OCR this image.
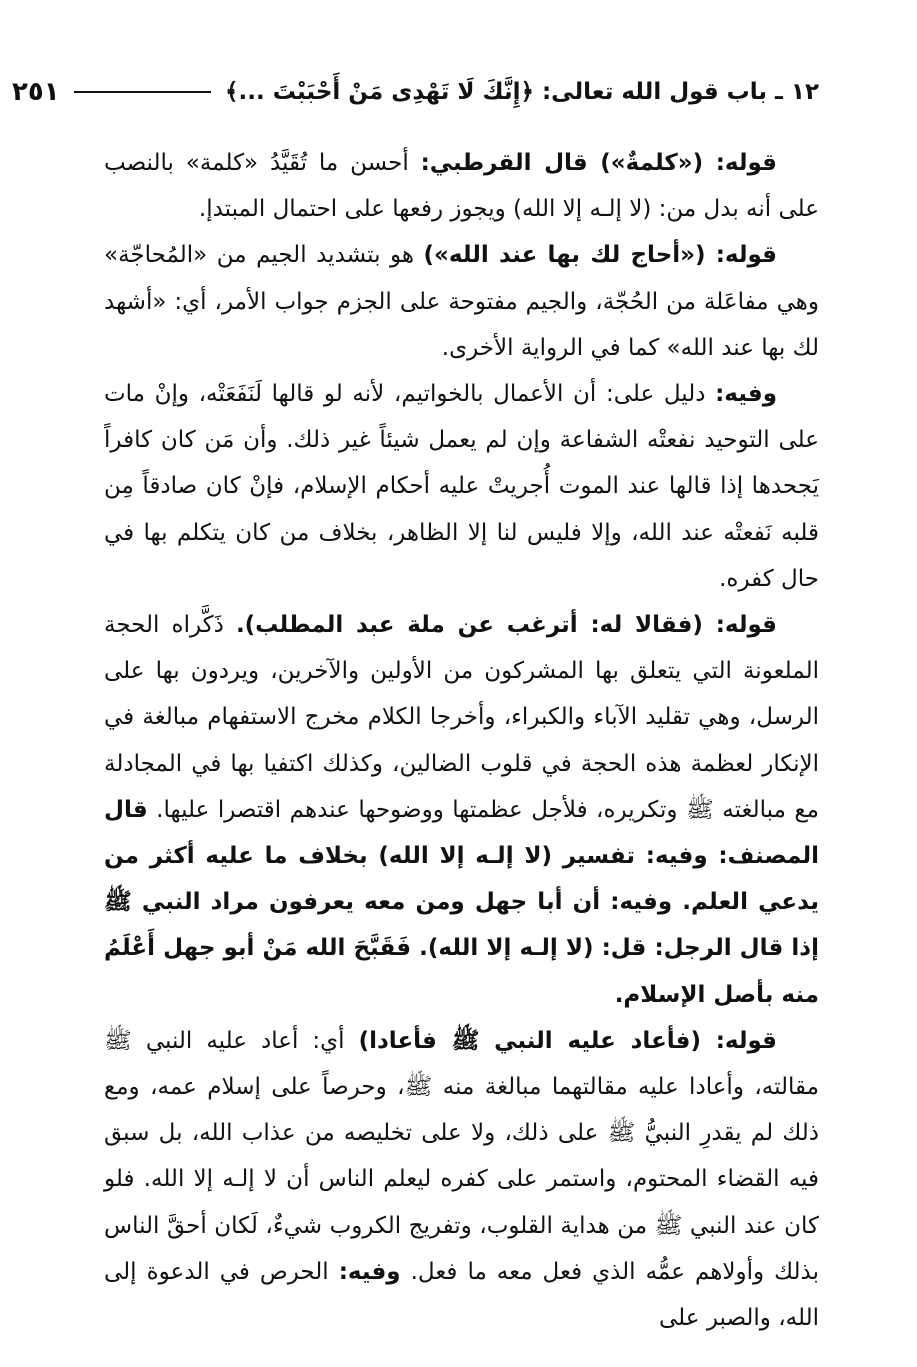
١٢ ـ باب قول الله تعالى: ﴿إِنَّكَ لَا تَهْدِى مَنْ أَحْبَبْتَ ...﴾
٢٥١

قوله: («كلمةٌ») قال القرطبي: أحسن ما تُقَيَّدُ «كلمة» بالنصب على أنه بدل من: (لا إلـه إلا الله) ويجوز رفعها على احتمال المبتدإ.

قوله: («أحاج لك بها عند الله») هو بتشديد الجيم من «المُحاجّة» وهي مفاعَلة من الحُجّة، والجيم مفتوحة على الجزم جواب الأمر، أي: «أشهد لك بها عند الله» كما في الرواية الأخرى.

وفيه: دليل على: أن الأعمال بالخواتيم، لأنه لو قالها لَنَفَعَتْه، وإنْ مات على التوحيد نفعتْه الشفاعة وإن لم يعمل شيئاً غير ذلك. وأن مَن كان كافراً يَجحدها إذا قالها عند الموت أُجريتْ عليه أحكام الإسلام، فإنْ كان صادقاً مِن قلبه نَفعتْه عند الله، وإلا فليس لنا إلا الظاهر، بخلاف من كان يتكلم بها في حال كفره.

قوله: (فقالا له: أترغب عن ملة عبد المطلب). ذَكَّراه الحجة الملعونة التي يتعلق بها المشركون من الأولين والآخرين، ويردون بها على الرسل، وهي تقليد الآباء والكبراء، وأخرجا الكلام مخرج الاستفهام مبالغة في الإنكار لعظمة هذه الحجة في قلوب الضالين، وكذلك اكتفيا بها في المجادلة مع مبالغته ﷺ وتكريره، فلأجل عظمتها ووضوحها عندهم اقتصرا عليها. قال المصنف: وفيه: تفسير (لا إلـه إلا الله) بخلاف ما عليه أكثر من يدعي العلم. وفيه: أن أبا جهل ومن معه يعرفون مراد النبي ﷺ إذا قال الرجل: قل: (لا إلـه إلا الله). فَقَبَّحَ الله مَنْ أبو جهل أَعْلَمُ منه بأصل الإسلام.

قوله: (فأعاد عليه النبي ﷺ فأعادا) أي: أعاد عليه النبي ﷺ مقالته، وأعادا عليه مقالتهما مبالغة منه ﷺ، وحرصاً على إسلام عمه، ومع ذلك لم يقدرِ النبيُّ ﷺ على ذلك، ولا على تخليصه من عذاب الله، بل سبق فيه القضاء المحتوم، واستمر على كفره ليعلم الناس أن لا إلـه إلا الله. فلو كان عند النبي ﷺ من هداية القلوب، وتفريج الكروب شيءٌ، لَكان أحقَّ الناس بذلك وأولاهم عمُّه الذي فعل معه ما فعل. وفيه: الحرص في الدعوة إلى الله، والصبر على
